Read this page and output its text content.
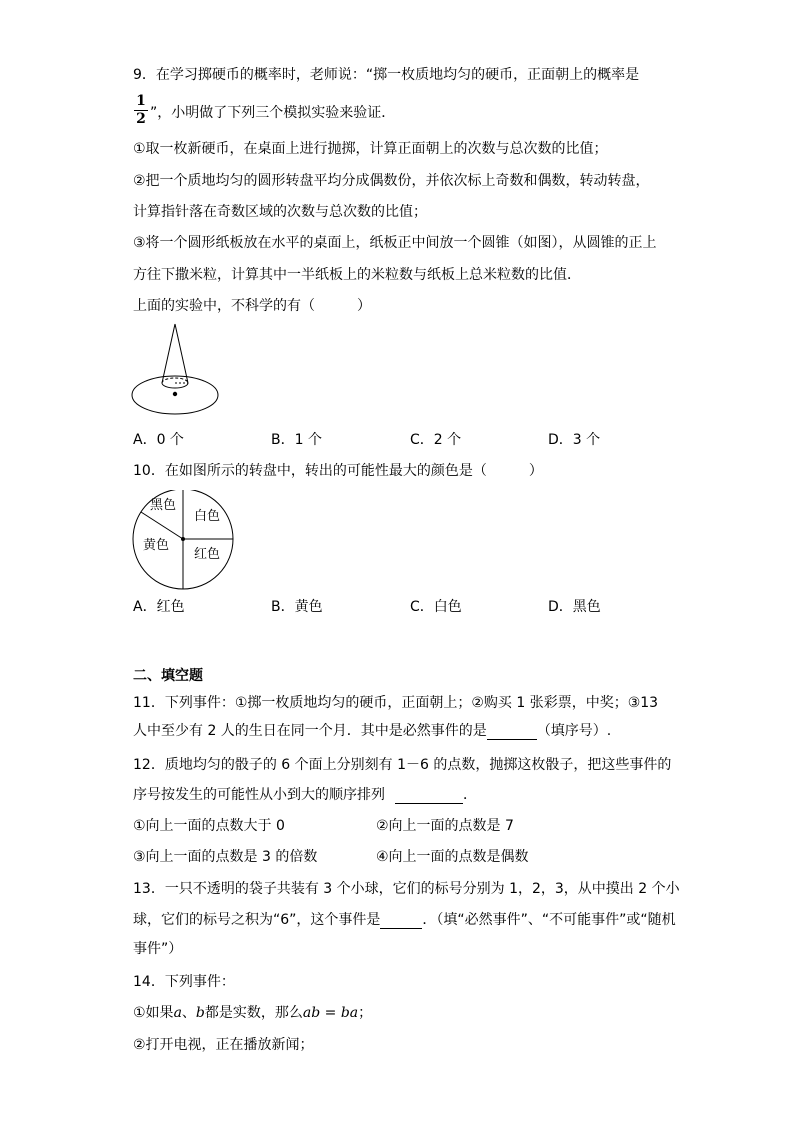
9．在学习掷硬币的概率时，老师说：“掷一枚质地均匀的硬币，正面朝上的概率是
1
2 ”，小明做了下列三个模拟实验来验证．
①取一枚新硬币，在桌面上进行抛掷，计算正面朝上的次数与总次数的比值；
②把一个质地均匀的圆形转盘平均分成偶数份，并依次标上奇数和偶数，转动转盘，
计算指针落在奇数区域的次数与总次数的比值；
③将一个圆形纸板放在水平的桌面上，纸板正中间放一个圆锥（如图），从圆锥的正上
方往下撒米粒，计算其中一半纸板上的米粒数与纸板上总米粒数的比值．
上面的实验中，不科学的有（　　　）
A．0 个	B．1 个	C．2 个	D．3 个
10．在如图所示的转盘中，转出的可能性最大的颜色是（　　　）
黑色
白色
黄色
红色
A．红色	B．黄色	C．白色	D．黑色
二、填空题
11．下列事件：①掷一枚质地均匀的硬币，正面朝上；②购买 1 张彩票，中奖；③13
人中至少有 2 人的生日在同一个月．其中是必然事件的是	（填序号）.
12．质地均匀的骰子的 6 个面上分别刻有 1－6 的点数，抛掷这枚骰子，把这些事件的
序号按发生的可能性从小到大的顺序排列	．
①向上一面的点数大于 0	②向上一面的点数是 7
③向上一面的点数是 3 的倍数	④向上一面的点数是偶数
13．一只不透明的袋子共装有 3 个小球，它们的标号分别为 1，2，3，从中摸出 2 个小
球，它们的标号之积为“6”，这个事件是	．（填“必然事件”、“不可能事件”或“随机
事件”）
14．下列事件：
①如果a、b都是实数，那么ab = ba；
②打开电视，正在播放新闻；
